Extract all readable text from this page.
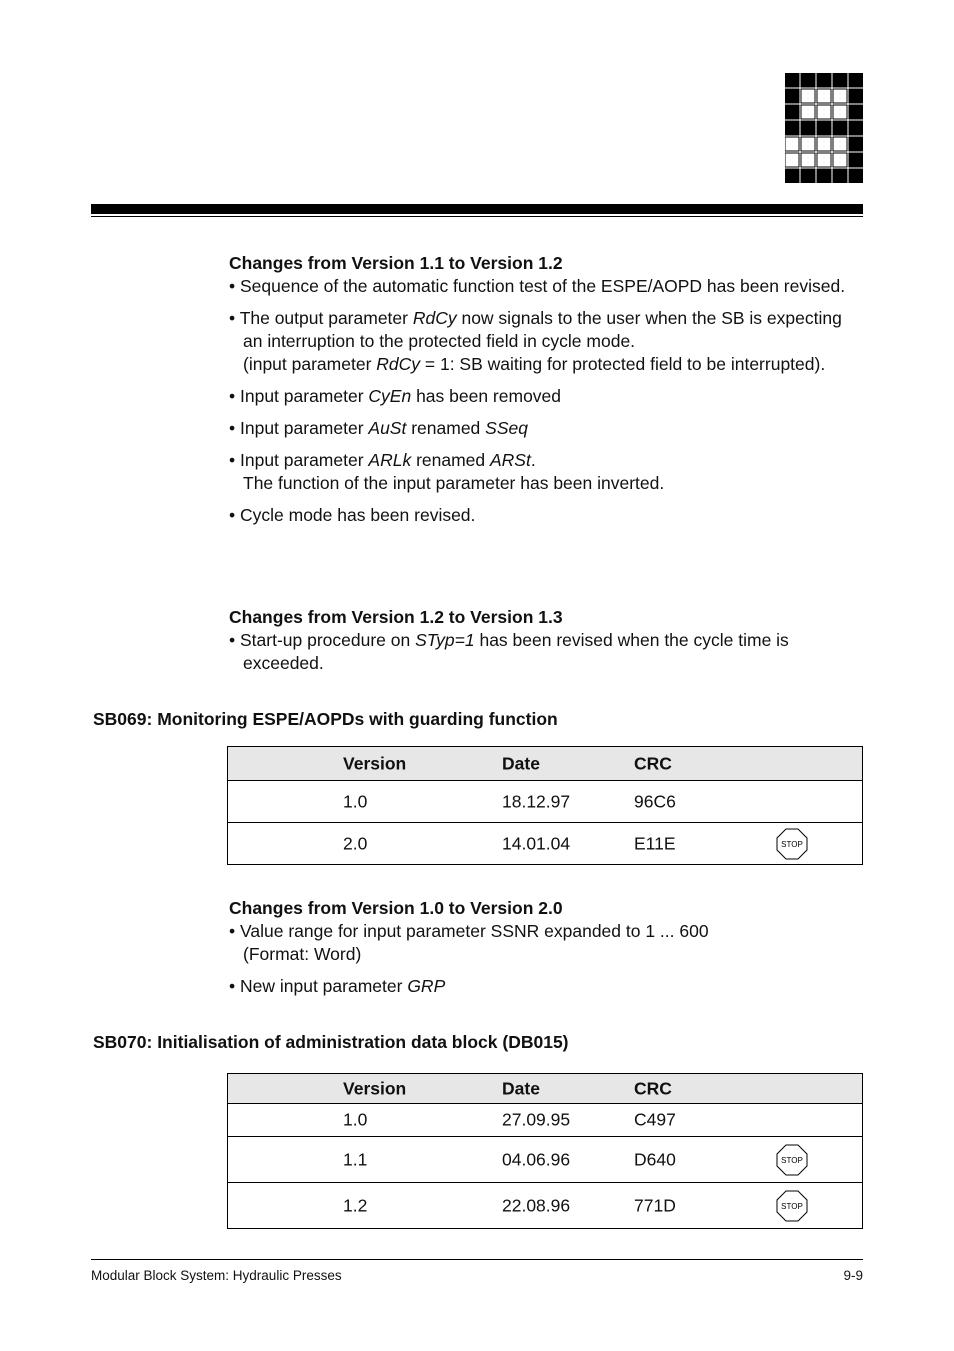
Changes from Version 1.1 to Version 1.2

• Sequence of the automatic function test of the ESPE/AOPD has been revised.

• The output parameter RdCy now signals to the user when the SB is expecting an interruption to the protected field in cycle mode.
(input parameter RdCy = 1: SB waiting for protected field to be interrupted).

• Input parameter CyEn has been removed

• Input parameter AuSt renamed SSeq

• Input parameter ARLk renamed ARSt.
The function of the input parameter has been inverted.

• Cycle mode has been revised.

Changes from Version 1.2 to Version 1.3

• Start-up procedure on STyp=1 has been revised when the cycle time is exceeded.

SB069: Monitoring ESPE/AOPDs with guarding function
Version	Date	CRC
1.0	18.12.97	96C6
2.0	14.01.04	E11E	STOP
Changes from Version 1.0 to Version 2.0

• Value range for input parameter SSNR expanded to 1 ... 600
(Format: Word)

• New input parameter GRP

SB070: Initialisation of administration data block (DB015)
Version	Date	CRC
1.0	27.09.95	C497
1.1	04.06.96	D640	STOP
1.2	22.08.96	771D	STOP
Modular Block System: Hydraulic Presses	9-9
